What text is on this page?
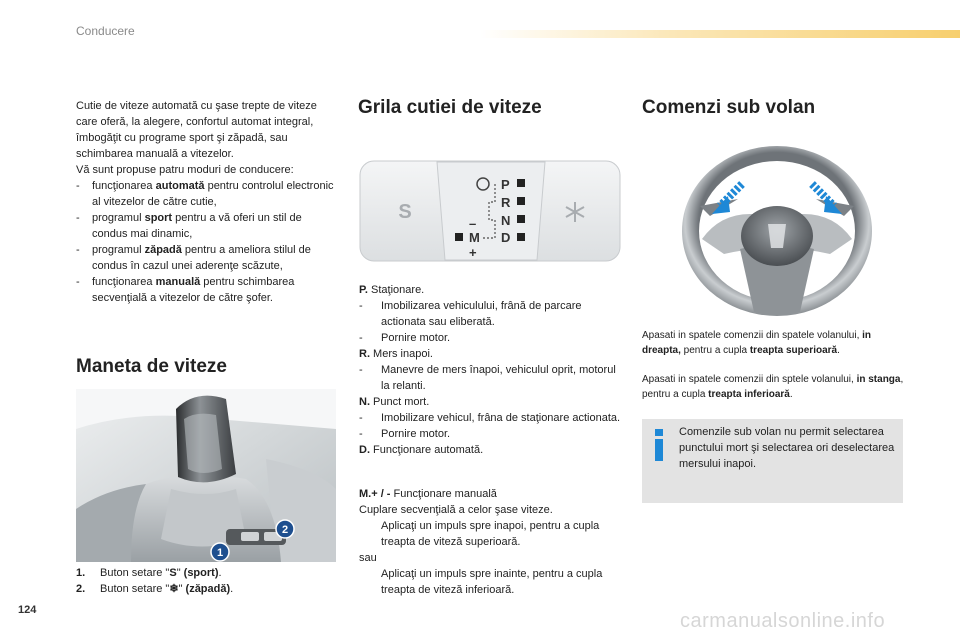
Conducere

Cutie de viteze automată cu şase trepte de viteze care oferă, la alegere, confortul automat integral, îmbogăţit cu programe sport şi zăpadă, sau schimbarea manuală a vitezelor.

Vă sunt propuse patru moduri de conducere:

- funcţionarea automată pentru controlul electronic al vitezelor de către cutie,
- programul sport pentru a vă oferi un stil de condus mai dinamic,
- programul zăpadă pentru a ameliora stilul de condus în cazul unei aderenţe scăzute,
- funcţionarea manuală pentru schimbarea secvenţială a vitezelor de către şofer.
Maneta de viteze
1
2
1.	Buton setare "S" (sport).
2.	Buton setare "❄" (zăpadă).
Grila cutiei de viteze
S
P
R
N
D
M
–
+

P. Staţionare.

- Imobilizarea vehiculului, frână de parcare actionata sau eliberată.

- Pornire motor.

R. Mers inapoi.

- Manevre de mers înapoi, vehiculul oprit, motorul la relanti.

N. Punct mort.

- Imobilizare vehicul, frâna de staţionare actionata.

- Pornire motor.

D. Funcţionare automată.

M.+ / - Funcţionare manuală

Cuplare secvenţială a celor şase viteze.

Aplicaţi un impuls spre inapoi, pentru a cupla treapta de viteză superioară.

sau

Aplicaţi un impuls spre inainte, pentru a cupla treapta de viteză inferioară.

Comenzi sub volan
Apasati in spatele comenzii din spatele volanului, in dreapta, pentru a cupla treapta superioară.
Apasati in spatele comenzii din sptele volanului, in stanga, pentru a cupla treapta inferioară.
Comenzile sub volan nu permit selectarea punctului mort şi selectarea ori deselectarea mersului inapoi.
124	carmanualsonline.info
